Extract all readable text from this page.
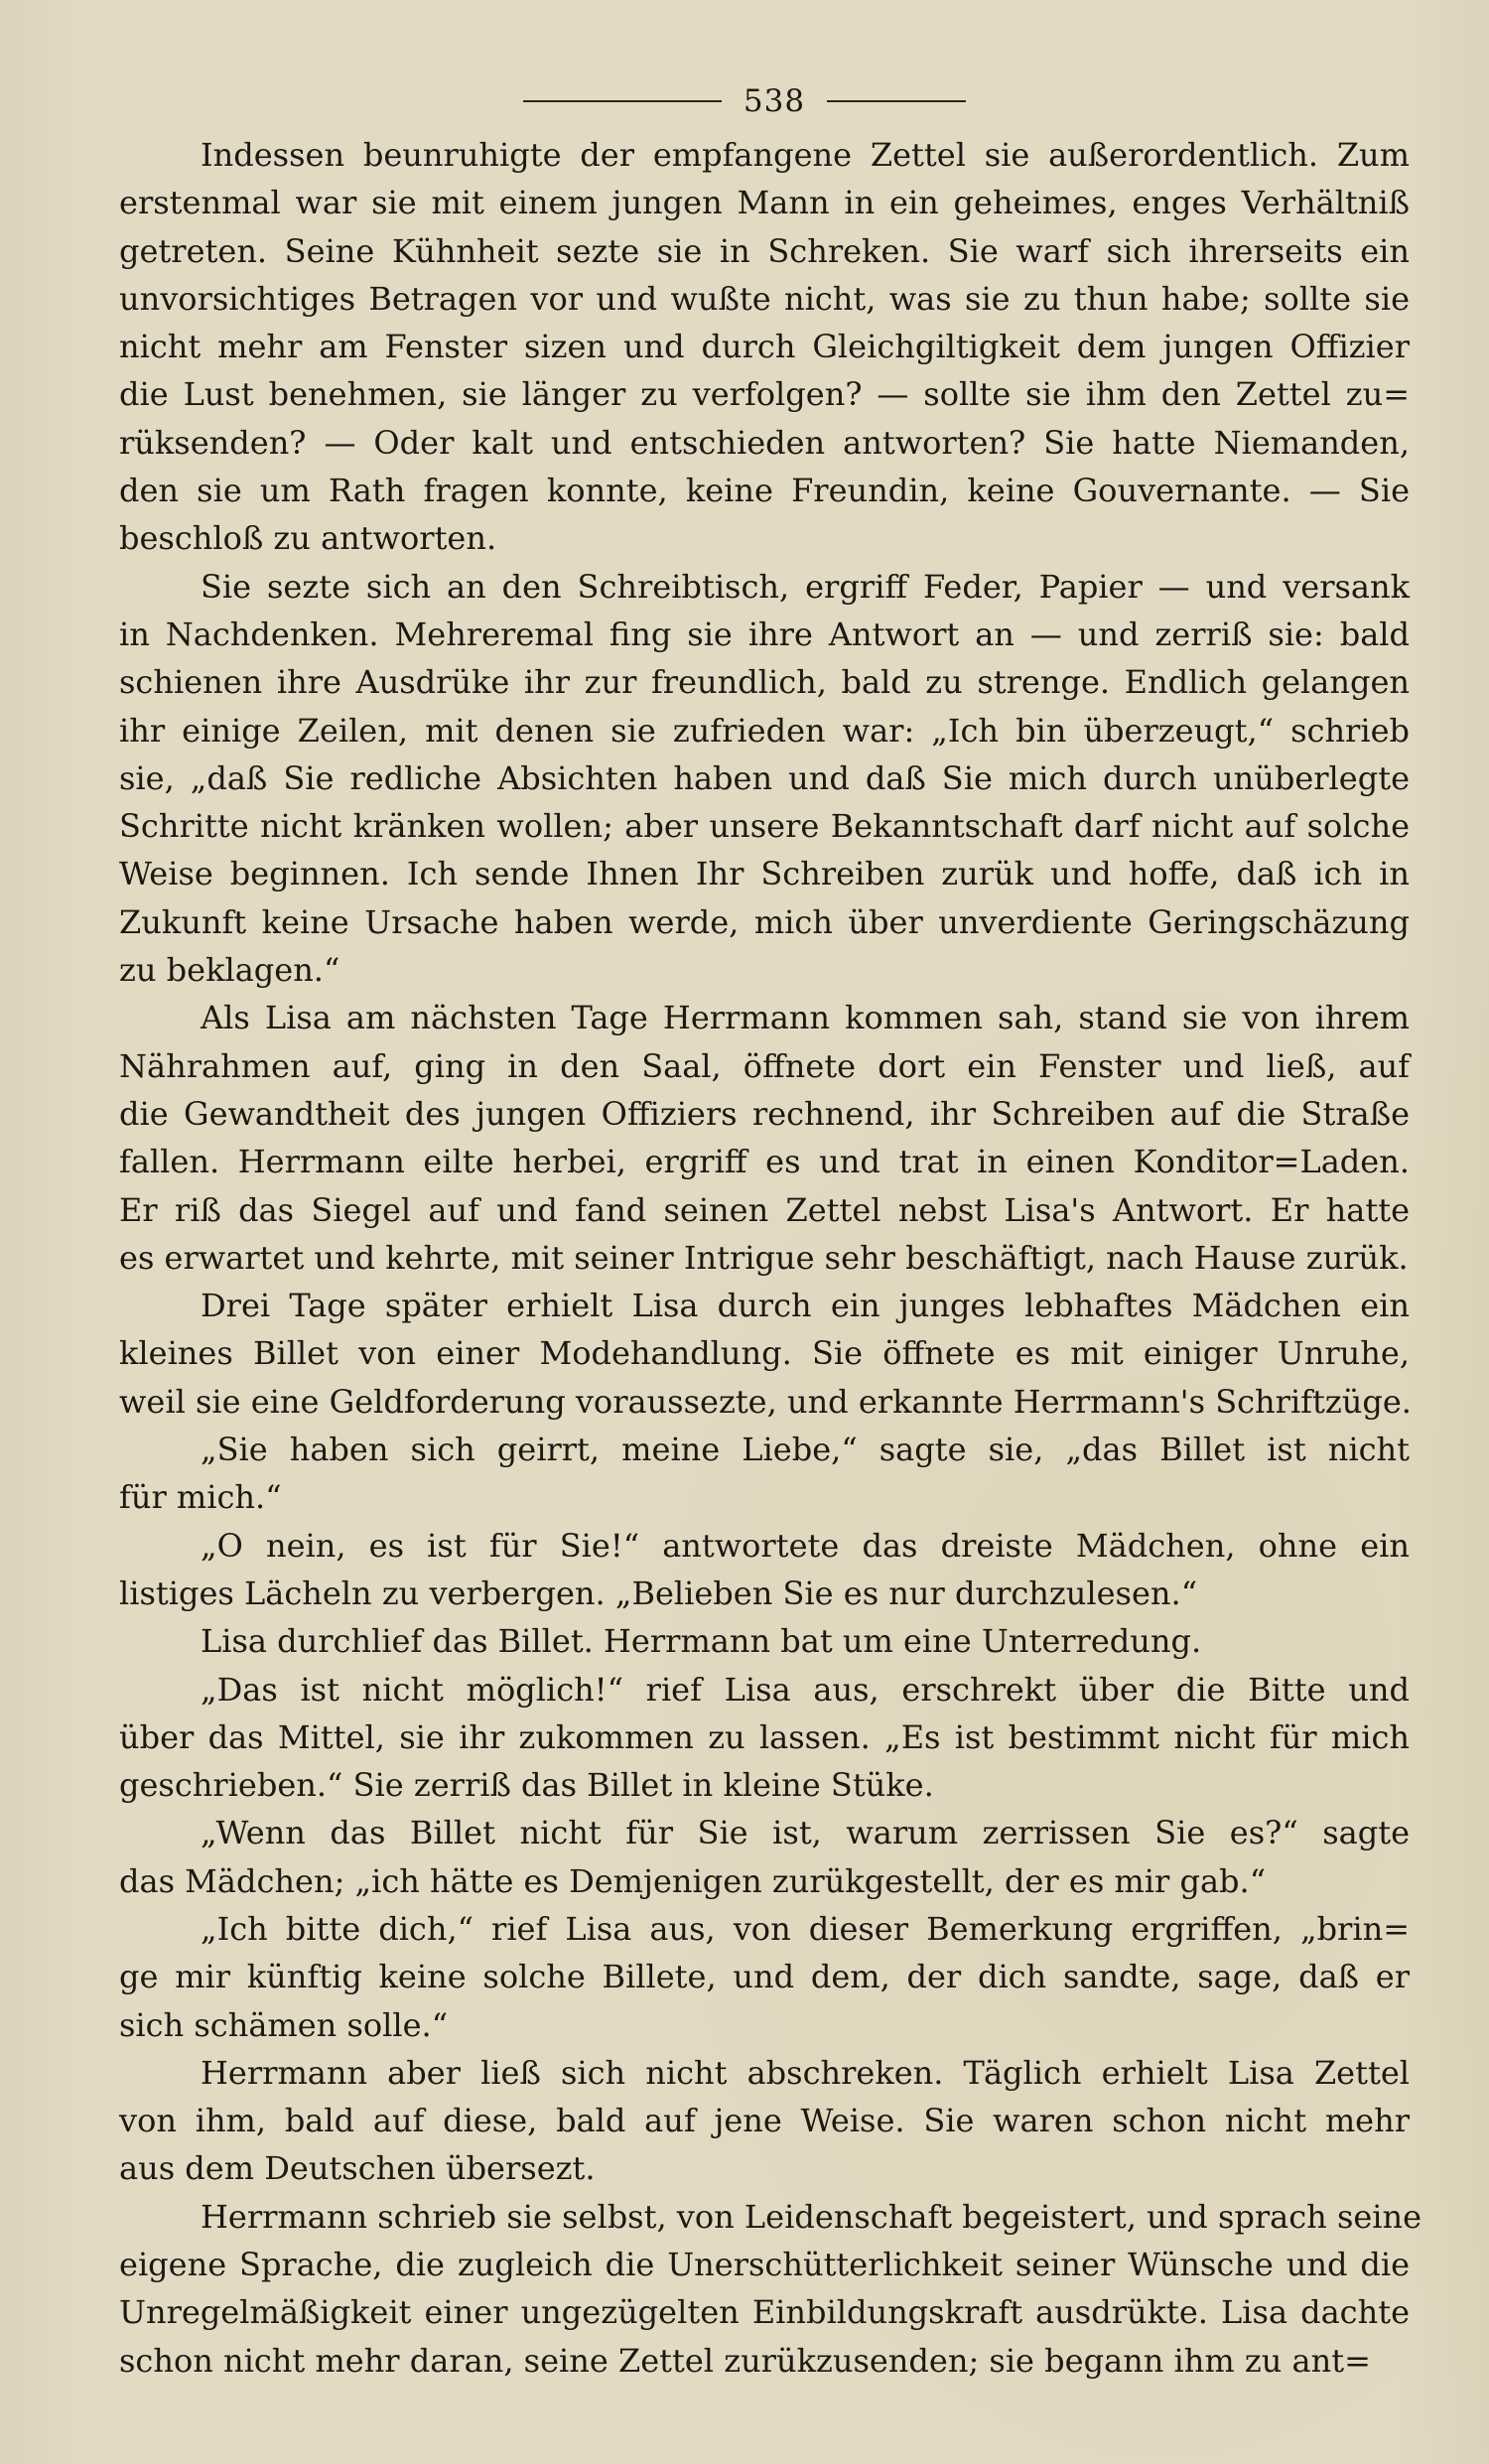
538
Indessen beunruhigte der empfangene Zettel sie außerordentlich. Zum
erstenmal war sie mit einem jungen Mann in ein geheimes, enges Verhältniß
getreten. Seine Kühnheit sezte sie in Schreken. Sie warf sich ihrerseits ein
unvorsichtiges Betragen vor und wußte nicht, was sie zu thun habe; sollte sie
nicht mehr am Fenster sizen und durch Gleichgiltigkeit dem jungen Offizier
die Lust benehmen, sie länger zu verfolgen? — sollte sie ihm den Zettel zu=
rüksenden? — Oder kalt und entschieden antworten? Sie hatte Niemanden,
den sie um Rath fragen konnte, keine Freundin, keine Gouvernante. — Sie
beschloß zu antworten.
Sie sezte sich an den Schreibtisch, ergriff Feder, Papier — und versank
in Nachdenken. Mehreremal fing sie ihre Antwort an — und zerriß sie: bald
schienen ihre Ausdrüke ihr zur freundlich, bald zu strenge. Endlich gelangen
ihr einige Zeilen, mit denen sie zufrieden war: „Ich bin überzeugt,“ schrieb
sie, „daß Sie redliche Absichten haben und daß Sie mich durch unüberlegte
Schritte nicht kränken wollen; aber unsere Bekanntschaft darf nicht auf solche
Weise beginnen. Ich sende Ihnen Ihr Schreiben zurük und hoffe, daß ich in
Zukunft keine Ursache haben werde, mich über unverdiente Geringschäzung
zu beklagen.“
Als Lisa am nächsten Tage Herrmann kommen sah, stand sie von ihrem
Nährahmen auf, ging in den Saal, öffnete dort ein Fenster und ließ, auf
die Gewandtheit des jungen Offiziers rechnend, ihr Schreiben auf die Straße
fallen. Herrmann eilte herbei, ergriff es und trat in einen Konditor=Laden.
Er riß das Siegel auf und fand seinen Zettel nebst Lisa's Antwort. Er hatte
es erwartet und kehrte, mit seiner Intrigue sehr beschäftigt, nach Hause zurük.
Drei Tage später erhielt Lisa durch ein junges lebhaftes Mädchen ein
kleines Billet von einer Modehandlung. Sie öffnete es mit einiger Unruhe,
weil sie eine Geldforderung voraussezte, und erkannte Herrmann's Schriftzüge.
„Sie haben sich geirrt, meine Liebe,“ sagte sie, „das Billet ist nicht
für mich.“
„O nein, es ist für Sie!“ antwortete das dreiste Mädchen, ohne ein
listiges Lächeln zu verbergen. „Belieben Sie es nur durchzulesen.“
Lisa durchlief das Billet. Herrmann bat um eine Unterredung.
„Das ist nicht möglich!“ rief Lisa aus, erschrekt über die Bitte und
über das Mittel, sie ihr zukommen zu lassen. „Es ist bestimmt nicht für mich
geschrieben.“ Sie zerriß das Billet in kleine Stüke.
„Wenn das Billet nicht für Sie ist, warum zerrissen Sie es?“ sagte
das Mädchen; „ich hätte es Demjenigen zurükgestellt, der es mir gab.“
„Ich bitte dich,“ rief Lisa aus, von dieser Bemerkung ergriffen, „brin=
ge mir künftig keine solche Billete, und dem, der dich sandte, sage, daß er
sich schämen solle.“
Herrmann aber ließ sich nicht abschreken. Täglich erhielt Lisa Zettel
von ihm, bald auf diese, bald auf jene Weise. Sie waren schon nicht mehr
aus dem Deutschen übersezt.
Herrmann schrieb sie selbst, von Leidenschaft begeistert, und sprach seine
eigene Sprache, die zugleich die Unerschütterlichkeit seiner Wünsche und die
Unregelmäßigkeit einer ungezügelten Einbildungskraft ausdrükte. Lisa dachte
schon nicht mehr daran, seine Zettel zurükzusenden; sie begann ihm zu ant=
